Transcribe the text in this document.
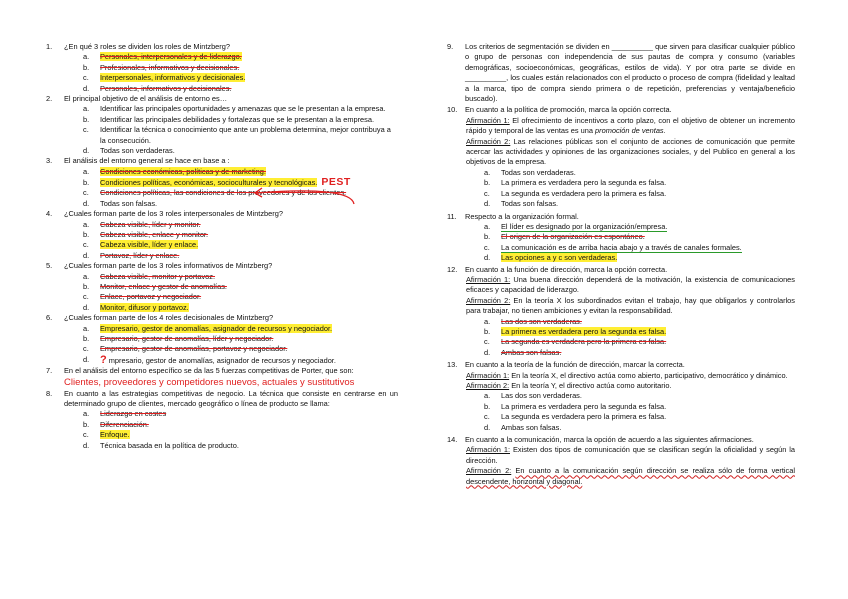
1.	¿En qué 3 roles se dividen los roles de Mintzberg?
a.	Personales, interpersonales y de liderazgo.
b.	Profesionales, informativos y decisionales.
c.	Interpersonales, informativos y decisionales.
d.	Personales, informativos y decisionales.
2.	El principal objetivo de el análisis de entorno es…
a.	Identificar las principales oportunidades y amenazas que se le presentan a la empresa.
b.	Identificar las principales debilidades y fortalezas que se le presentan a la empresa.
c.	Identificar la técnica o conocimiento que ante un problema determina, mejor contribuya a la consecución.
d.	Todas son verdaderas.
3.	El análisis del entorno general se hace en base a :
a.	Condiciones económicas, políticas y de marketing.
b.	Condiciones políticas, económicas, socioculturales y tecnológicas. PEST
c.	Condiciones políticas, las condiciones de los proveedores y de los clientes.
d.	Todas son falsas.
4.	¿Cuales forman parte de los 3 roles interpersonales de Mintzberg?
a.	Cabeza visible, líder y monitor.
b.	Cabeza visible, enlace y monitor.
c.	Cabeza visible, líder y enlace.
d.	Portavoz, líder y enlace.
5.	¿Cuales forman parte de los 3 roles informativos de Mintzberg?
a.	Cabeza visible, monitor y portavoz.
b.	Monitor, enlace y gestor de anomalías.
c.	Enlace, portavoz y negociador.
d.	Monitor, difusor y portavoz.
6.	¿Cuales forman parte de los 4 roles decisionales de Mintzberg?
a.	Empresario, gestor de anomalías, asignador de recursos y negociador.
b.	Empresario, gestor de anomalías, líder y negociador.
c.	Empresario, gestor de anomalías, portavoz y negociador.
d. ? mpresario, gestor de anomalías, asignador de recursos y negociador.
7.	En el análisis del entorno específico se da las 5 fuerzas competitivas de Porter, que son:
Clientes, proveedores y competidores nuevos, actuales y sustitutivos
8.	En cuanto a las estrategias competitivas de negocio. La técnica que consiste en centrarse en un determinado grupo de clientes, mercado geográfico o línea de producto se llama:
a.	Liderazgo en costes
b.	Diferenciación.
c.	Enfoque.
d.	Técnica basada en la política de producto.
9.	Los criterios de segmentación se dividen en __________ que sirven para clasificar cualquier público o grupo de personas con independencia de sus pautas de compra y consumo (variables demográficas, socioeconómicas, geográficas, estilos de vida). Y por otra parte se divide en __________, los cuales están relacionados con el producto o proceso de compra (fidelidad y lealtad a la marca, tipo de compra siendo primera o de repetición, preferencias y ventaja/beneficio buscado).
10.	En cuanto a la política de promoción, marca la opción correcta.
Afirmación 1: El ofrecimiento de incentivos a corto plazo, con el objetivo de obtener un incremento rápido y temporal de las ventas es una promoción de ventas.
Afirmación 2: Las relaciones públicas son el conjunto de acciones de comunicación que permite acercar las actividades y opiniones de las organizaciones sociales, y del Publico en general a los objetivos de la empresa.
a.	Todas son verdaderas.
b.	La primera es verdadera pero la segunda es falsa.
c.	La segunda es verdadera pero la primera es falsa.
d.	Todas son falsas.
11.	Respecto a la organización formal.
a.	El líder es designado por la organización/empresa.
b.	El origen de la organización es espontáneo.
c.	La comunicación es de arriba hacia abajo y a través de canales formales.
d.	Las opciones a y c son verdaderas.
12.	En cuanto a la función de dirección, marca la opción correcta.
Afirmación 1: Una buena dirección dependerá de la motivación, la existencia de comunicaciones eficaces y capacidad de liderazgo.
Afirmación 2: En la teoría X los subordinados evitan el trabajo, hay que obligarlos y controlarlos para trabajar, no tienen ambiciones y evitan la responsabilidad.
a.	Las dos son verdaderas.
b.	La primera es verdadera pero la segunda es falsa.
c.	La segunda es verdadera pero la primera es falsa.
d.	Ambas son falsas.
13.	En cuanto a la teoría de la función de dirección, marcar la correcta.
Afirmación 1: En la teoría X, el directivo actúa como abierto, participativo, democrático y dinámico.
Afirmación 2: En la teoría Y, el directivo actúa como autoritario.
a.	Las dos son verdaderas.
b.	La primera es verdadera pero la segunda es falsa.
c.	La segunda es verdadera pero la primera es falsa.
d.	Ambas son falsas.
14.	En cuanto a la comunicación, marca la opción de acuerdo a las siguientes afirmaciones.
Afirmación 1: Existen dos tipos de comunicación que se clasifican según la oficialidad y según la dirección.
Afirmación 2: En cuanto a la comunicación según dirección se realiza sólo de forma vertical descendente, horizontal y diagonal.
